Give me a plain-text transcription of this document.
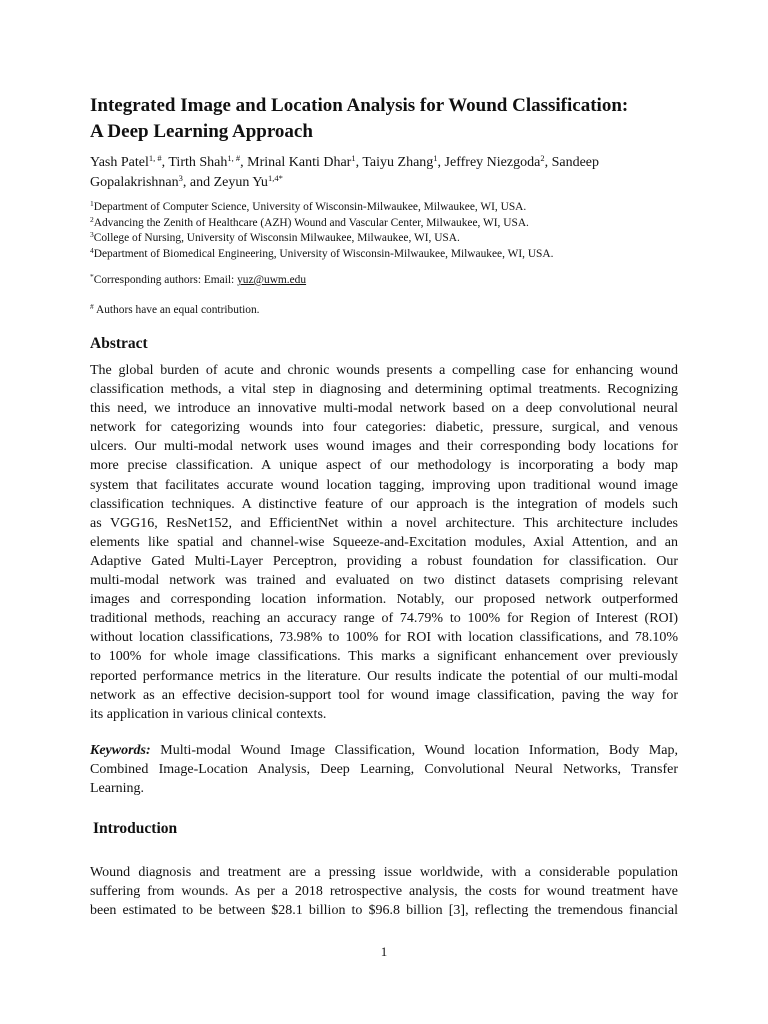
Integrated Image and Location Analysis for Wound Classification:
A Deep Learning Approach

Yash Patel$^{1, \#}$, Tirth Shah$^{1, \#}$, Mrinal Kanti Dhar$^1$, Taiyu Zhang$^1$, Jeffrey Niezgoda$^2$, Sandeep Gopalakrishnan$^3$, and Zeyun $Yu^{1,4*}$

$^1$Department of Computer Science, University of Wisconsin-Milwaukee, Milwaukee, WI, USA.
$^2$Advancing the Zenith of Healthcare (AZH) Wound and Vascular Center, Milwaukee, WI, USA.
$^3$College of Nursing, University of Wisconsin Milwaukee, Milwaukee, WI, USA.
$^4$Department of Biomedical Engineering, University of Wisconsin-Milwaukee, Milwaukee, WI, USA.

*Corresponding authors: Email: yuz@uwm.edu

# Authors have an equal contribution.

Abstract

The global burden of acute and chronic wounds presents a compelling case for enhancing wound
classification methods, a vital step in diagnosing and determining optimal treatments. Recognizing
this need, we introduce an innovative multi-modal network based on a deep convolutional neural
network for categorizing wounds into four categories: diabetic, pressure, surgical, and venous
ulcers. Our multi-modal network uses wound images and their corresponding body locations for
more precise classification. A unique aspect of our methodology is incorporating a body map
system that facilitates accurate wound location tagging, improving upon traditional wound image
classification techniques. A distinctive feature of our approach is the integration of models such
as VGG16, ResNet152, and EfficientNet within a novel architecture. This architecture includes
elements like spatial and channel-wise Squeeze-and-Excitation modules, Axial Attention, and an
Adaptive Gated Multi-Layer Perceptron, providing a robust foundation for classification. Our
multi-modal network was trained and evaluated on two distinct datasets comprising relevant
images and corresponding location information. Notably, our proposed network outperformed
traditional methods, reaching an accuracy range of 74.79% to 100% for Region of Interest (ROI)
without location classifications, 73.98% to 100% for ROI with location classifications, and 78.10%
to 100% for whole image classifications. This marks a significant enhancement over previously
reported performance metrics in the literature. Our results indicate the potential of our multi-modal
network as an effective decision-support tool for wound image classification, paving the way for
its application in various clinical contexts.

Keywords: Multi-modal Wound Image Classification, Wound location Information, Body Map,
Combined Image-Location Analysis, Deep Learning, Convolutional Neural Networks, Transfer
Learning.

Introduction

Wound diagnosis and treatment are a pressing issue worldwide, with a considerable population
suffering from wounds. As per a 2018 retrospective analysis, the costs for wound treatment have
been estimated to be between $28.1 billion to $96.8 billion [3], reflecting the tremendous financial

1
